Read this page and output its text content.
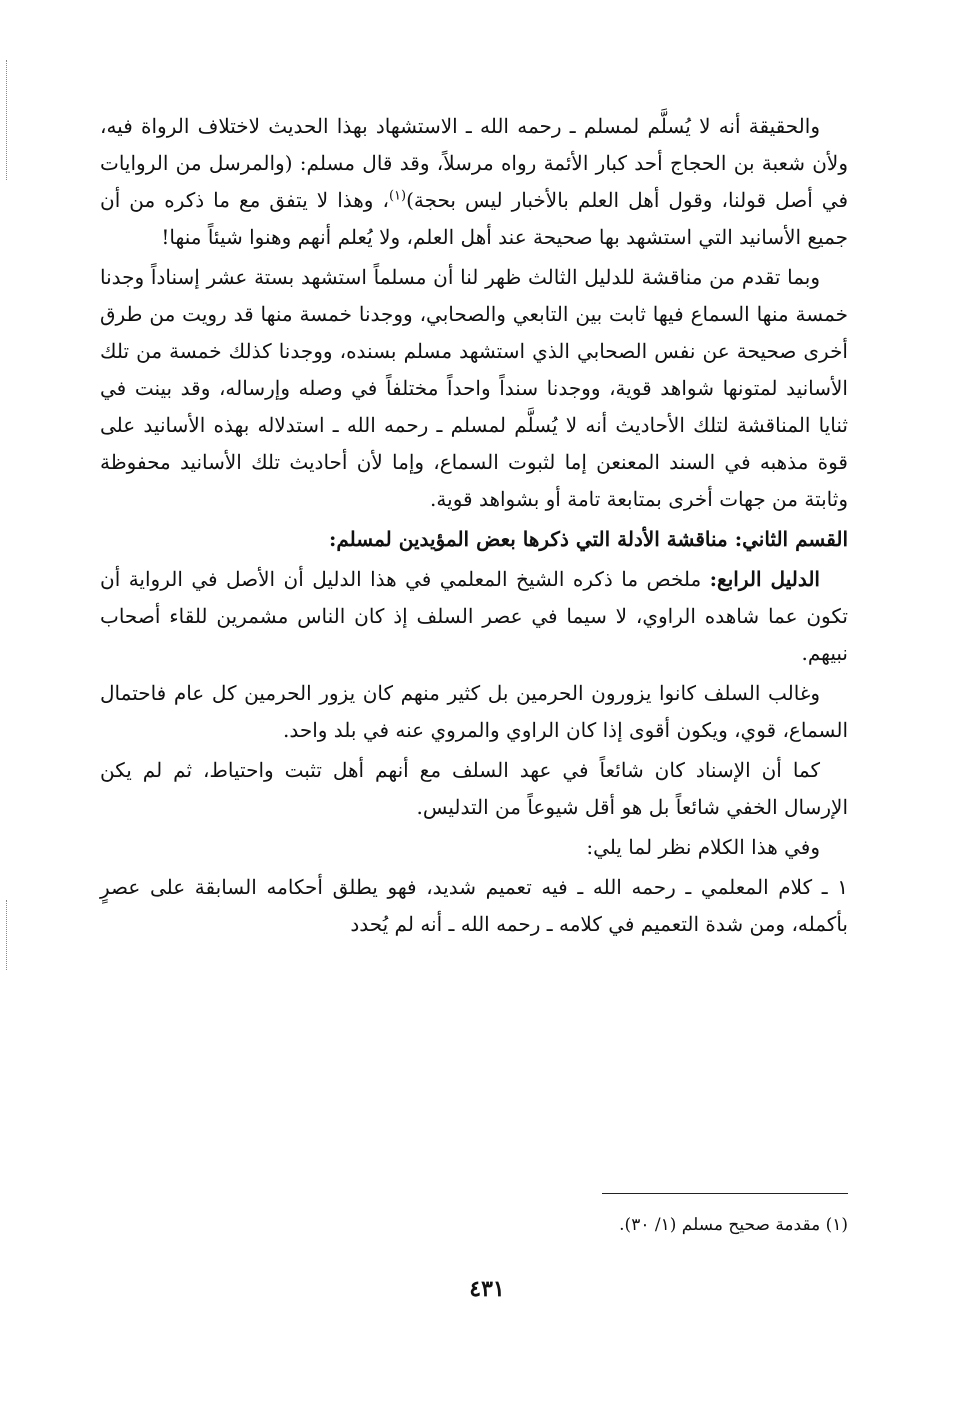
والحقيقة أنه لا يُسلَّم لمسلم ـ رحمه الله ـ الاستشهاد بهذا الحديث لاختلاف الرواة فيه، ولأن شعبة بن الحجاج أحد كبار الأئمة رواه مرسلاً، وقد قال مسلم: (والمرسل من الروايات في أصل قولنا، وقول أهل العلم بالأخبار ليس بحجة)$^{(١)}$، وهذا لا يتفق مع ما ذكره من أن جميع الأسانيد التي استشهد بها صحيحة عند أهل العلم، ولا يُعلم أنهم وهنوا شيئاً منها!

وبما تقدم من مناقشة للدليل الثالث ظهر لنا أن مسلماً استشهد بستة عشر إسناداً وجدنا خمسة منها السماع فيها ثابت بين التابعي والصحابي، ووجدنا خمسة منها قد رويت من طرق أخرى صحيحة عن نفس الصحابي الذي استشهد مسلم بسنده، ووجدنا كذلك خمسة من تلك الأسانيد لمتونها شواهد قوية، ووجدنا سنداً واحداً مختلفاً في وصله وإرساله، وقد بينت في ثنايا المناقشة لتلك الأحاديث أنه لا يُسلَّم لمسلم ـ رحمه الله ـ استدلاله بهذه الأسانيد على قوة مذهبه في السند المعنعن إما لثبوت السماع، وإما لأن أحاديث تلك الأسانيد محفوظة وثابتة من جهات أخرى بمتابعة تامة أو بشواهد قوية.

القسم الثاني: مناقشة الأدلة التي ذكرها بعض المؤيدين لمسلم:

الدليل الرابع: ملخص ما ذكره الشيخ المعلمي في هذا الدليل أن الأصل في الرواية أن تكون عما شاهده الراوي، لا سيما في عصر السلف إذ كان الناس مشمرين للقاء أصحاب نبيهم.

وغالب السلف كانوا يزورون الحرمين بل كثير منهم كان يزور الحرمين كل عام فاحتمال السماع، قوي، ويكون أقوى إذا كان الراوي والمروي عنه في بلد واحد.

كما أن الإسناد كان شائعاً في عهد السلف مع أنهم أهل تثبت واحتياط، ثم لم يكن الإرسال الخفي شائعاً بل هو أقل شيوعاً من التدليس.

وفي هذا الكلام نظر لما يلي:

١ ـ كلام المعلمي ـ رحمه الله ـ فيه تعميم شديد، فهو يطلق أحكامه السابقة على عصرٍ بأكمله، ومن شدة التعميم في كلامه ـ رحمه الله ـ أنه لم يُحدد

(١) مقدمة صحيح مسلم (١/ ٣٠).
٤٣١
